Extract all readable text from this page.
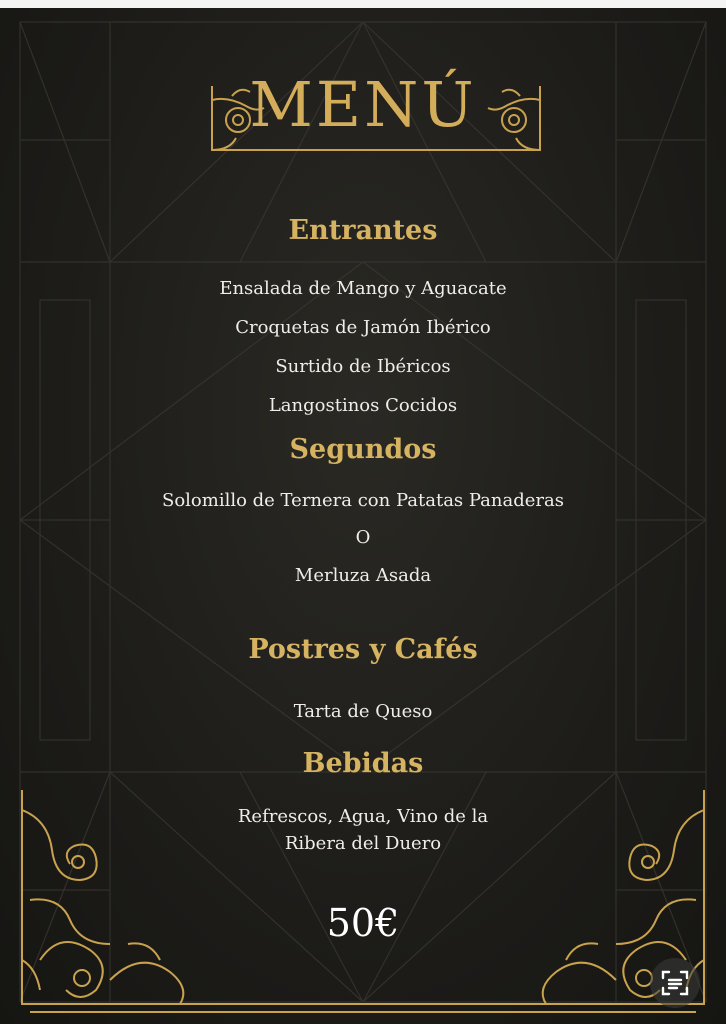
MENÚ
Entrantes
Ensalada de Mango y Aguacate
Croquetas de Jamón Ibérico
Surtido de Ibéricos
Langostinos Cocidos
Segundos
Solomillo de Ternera con Patatas Panaderas
O
Merluza Asada
Postres y Cafés
Tarta de Queso
Bebidas
Refrescos, Agua, Vino de la
Ribera del Duero
50€
